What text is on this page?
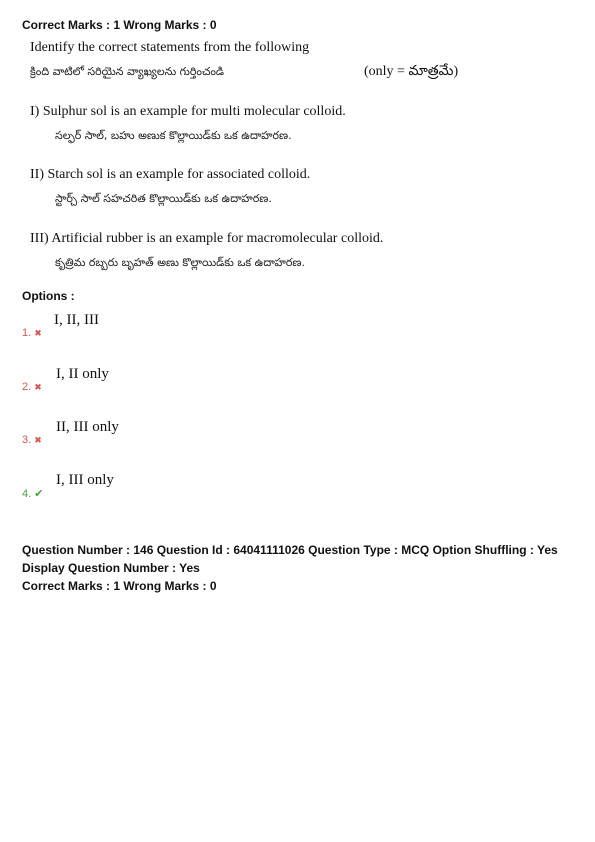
Correct Marks : 1 Wrong Marks : 0
Identify the correct statements from the following
క్రింది వాటిలో సరియైన వ్యాఖ్యలను గుర్తించండి	(only = మాత్రమే)
I) Sulphur sol is an example for multi molecular colloid.
సల్ఫర్ సాల్, బహు అణుక కొల్లాయిడ్‌కు ఒక ఉదాహరణ.
II) Starch sol is an example for associated colloid.
స్టార్చ్ సాల్ సహచరిత కొల్లాయిడ్‌కు ఒక ఉదాహరణ.
III) Artificial rubber is an example for macromolecular colloid.
కృత్రిమ రబ్బరు బృహత్ అణు కొల్లాయిడ్‌కు ఒక ఉదాహరణ.
Options :
1. ✖
I, II, III
2. ✖
I, II only
3. ✖
II, III only
4. ✔
I, III only
Question Number : 146 Question Id : 64041111026 Question Type : MCQ Option Shuffling : Yes
Display Question Number : Yes
Correct Marks : 1 Wrong Marks : 0
